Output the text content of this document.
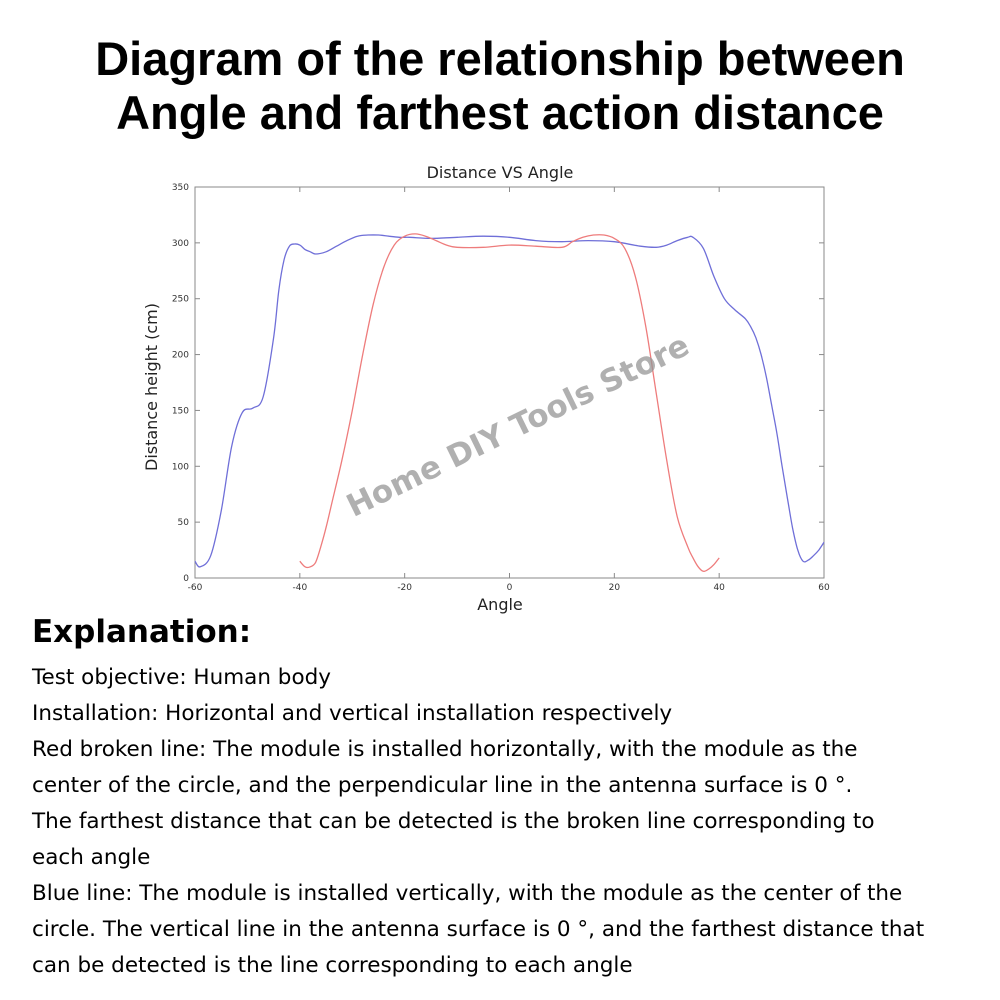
Diagram of the relationship between
Angle and farthest action distance
Distance VS Angle
-60	-40	-20	0	20	40	60
0
50
100
150
200
250
300
350
Angle
Distance height (cm)	Home DIY Tools Store
Explanation:
Test objective: Human body
Installation: Horizontal and vertical installation respectively
Red broken line: The module is installed horizontally, with the module as the
center of the circle, and the perpendicular line in the antenna surface is 0 °.
The farthest distance that can be detected is the broken line corresponding to
each angle
Blue line: The module is installed vertically, with the module as the center of the
circle. The vertical line in the antenna surface is 0 °, and the farthest distance that
can be detected is the line corresponding to each angle
